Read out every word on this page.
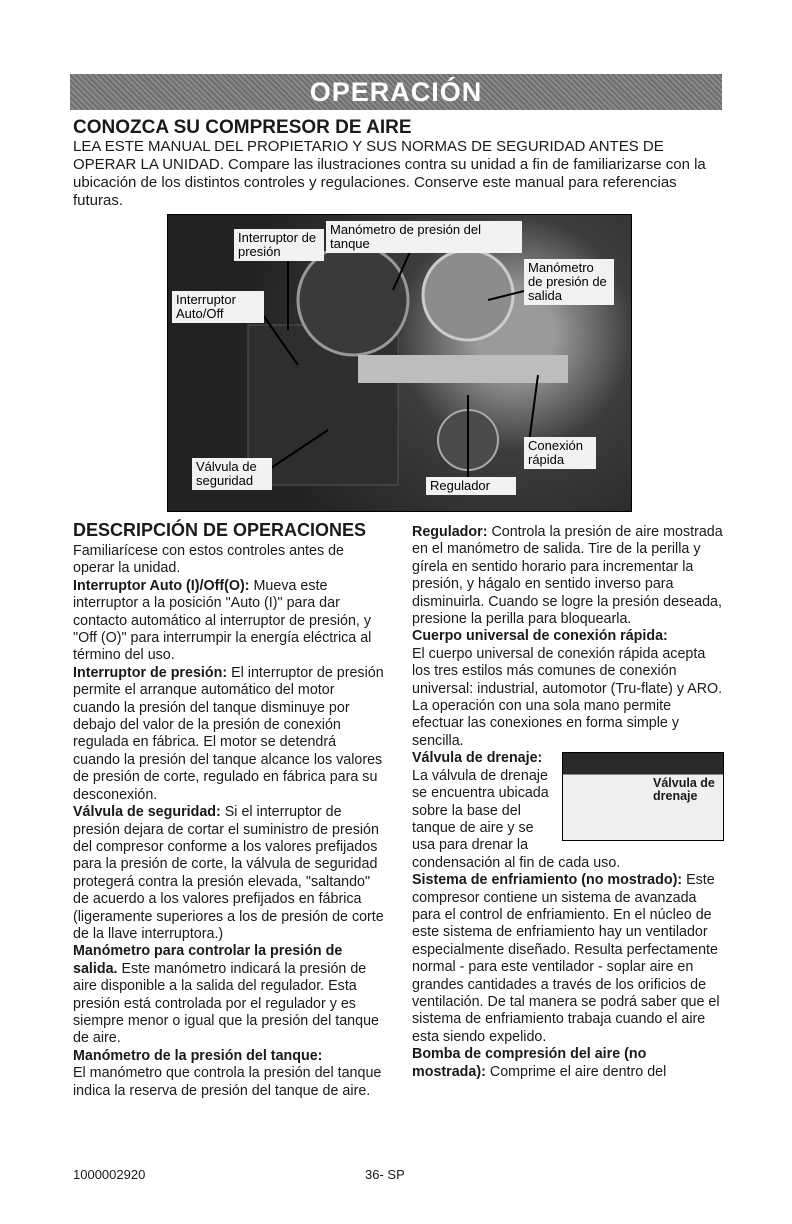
OPERACIÓN
CONOZCA SU COMPRESOR DE AIRE

LEA ESTE MANUAL DEL PROPIETARIO Y SUS NORMAS DE SEGURIDAD ANTES DE OPERAR LA UNIDAD. Compare las ilustraciones contra su unidad a fin de familiarizarse con la ubicación de los distintos controles y regulaciones. Conserve este manual para referencias futuras.

Interruptor de presión
Manómetro de presión del tanque
Manómetro de presión de salida
Interruptor Auto/Off
Válvula de seguridad
Conexión rápida
Regulador
DESCRIPCIÓN DE OPERACIONES

Familiarícese con estos controles antes de operar la unidad.

Interruptor Auto (I)/Off(O): Mueva este interruptor a la posición "Auto (I)" para dar contacto automático al interruptor de presión, y "Off (O)" para interrumpir la energía eléctrica al término del uso.

Interruptor de presión: El interruptor de presión permite el arranque automático del motor cuando la presión del tanque disminuye por debajo del valor de la presión de conexión regulada en fábrica. El motor se detendrá cuando la presión del tanque alcance los valores de presión de corte, regulado en fábrica para su desconexión.

Válvula de seguridad: Si el interruptor de presión dejara de cortar el suministro de presión del compresor conforme a los valores prefijados para la presión de corte, la válvula de seguridad protegerá contra la presión elevada, "saltando" de acuerdo a los valores prefijados en fábrica (ligeramente superiores a los de presión de corte de la llave interruptora.)

Manómetro para controlar la presión de salida. Este manómetro indicará la presión de aire disponible a la salida del regulador. Esta presión está controlada por el regulador y es siempre menor o igual que la presión del tanque de aire.

Manómetro de la presión del tanque:
El manómetro que controla la presión del tanque indica la reserva de presión del tanque de aire.

Regulador: Controla la presión de aire mostrada en el manómetro de salida. Tire de la perilla y gírela en sentido horario para incrementar la presión, y hágalo en sentido inverso para disminuirla. Cuando se logre la presión deseada, presione la perilla para bloquearla.

Cuerpo universal de conexión rápida:
El cuerpo universal de conexión rápida acepta los tres estilos más comunes de conexión universal: industrial, automotor (Tru-flate) y ARO. La operación con una sola mano permite efectuar las conexiones en forma simple y sencilla.

Válvula de drenaje
Válvula de drenaje: La válvula de drenaje se encuentra ubicada sobre la base del tanque de aire y se usa para drenar la condensación al fin de cada uso.

Sistema de enfriamiento (no mostrado): Este compresor contiene un sistema de avanzada para el control de enfriamiento. En el núcleo de este sistema de enfriamiento hay un ventilador especialmente diseñado. Resulta perfectamente normal - para este ventilador - soplar aire en grandes cantidades a través de los orificios de ventilación. De tal manera se podrá saber que el sistema de enfriamiento trabaja cuando el aire esta siendo expelido.

Bomba de compresión del aire (no mostrada): Comprime el aire dentro del

1000002920	36- SP
